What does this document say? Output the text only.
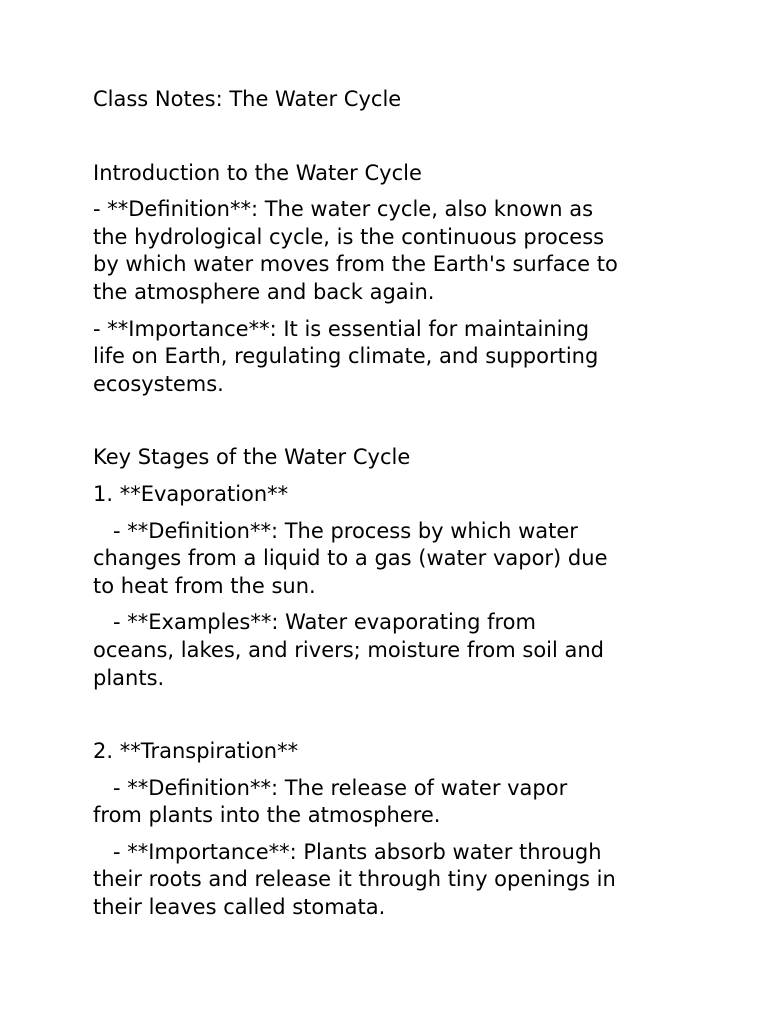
Class Notes: The Water Cycle
Introduction to the Water Cycle
- **Definition**: The water cycle, also known as
the hydrological cycle, is the continuous process
by which water moves from the Earth's surface to
the atmosphere and back again.
- **Importance**: It is essential for maintaining
life on Earth, regulating climate, and supporting
ecosystems.
Key Stages of the Water Cycle
1. **Evaporation**
- **Definition**: The process by which water
changes from a liquid to a gas (water vapor) due
to heat from the sun.
- **Examples**: Water evaporating from
oceans, lakes, and rivers; moisture from soil and
plants.
2. **Transpiration**
- **Definition**: The release of water vapor
from plants into the atmosphere.
- **Importance**: Plants absorb water through
their roots and release it through tiny openings in
their leaves called stomata.
